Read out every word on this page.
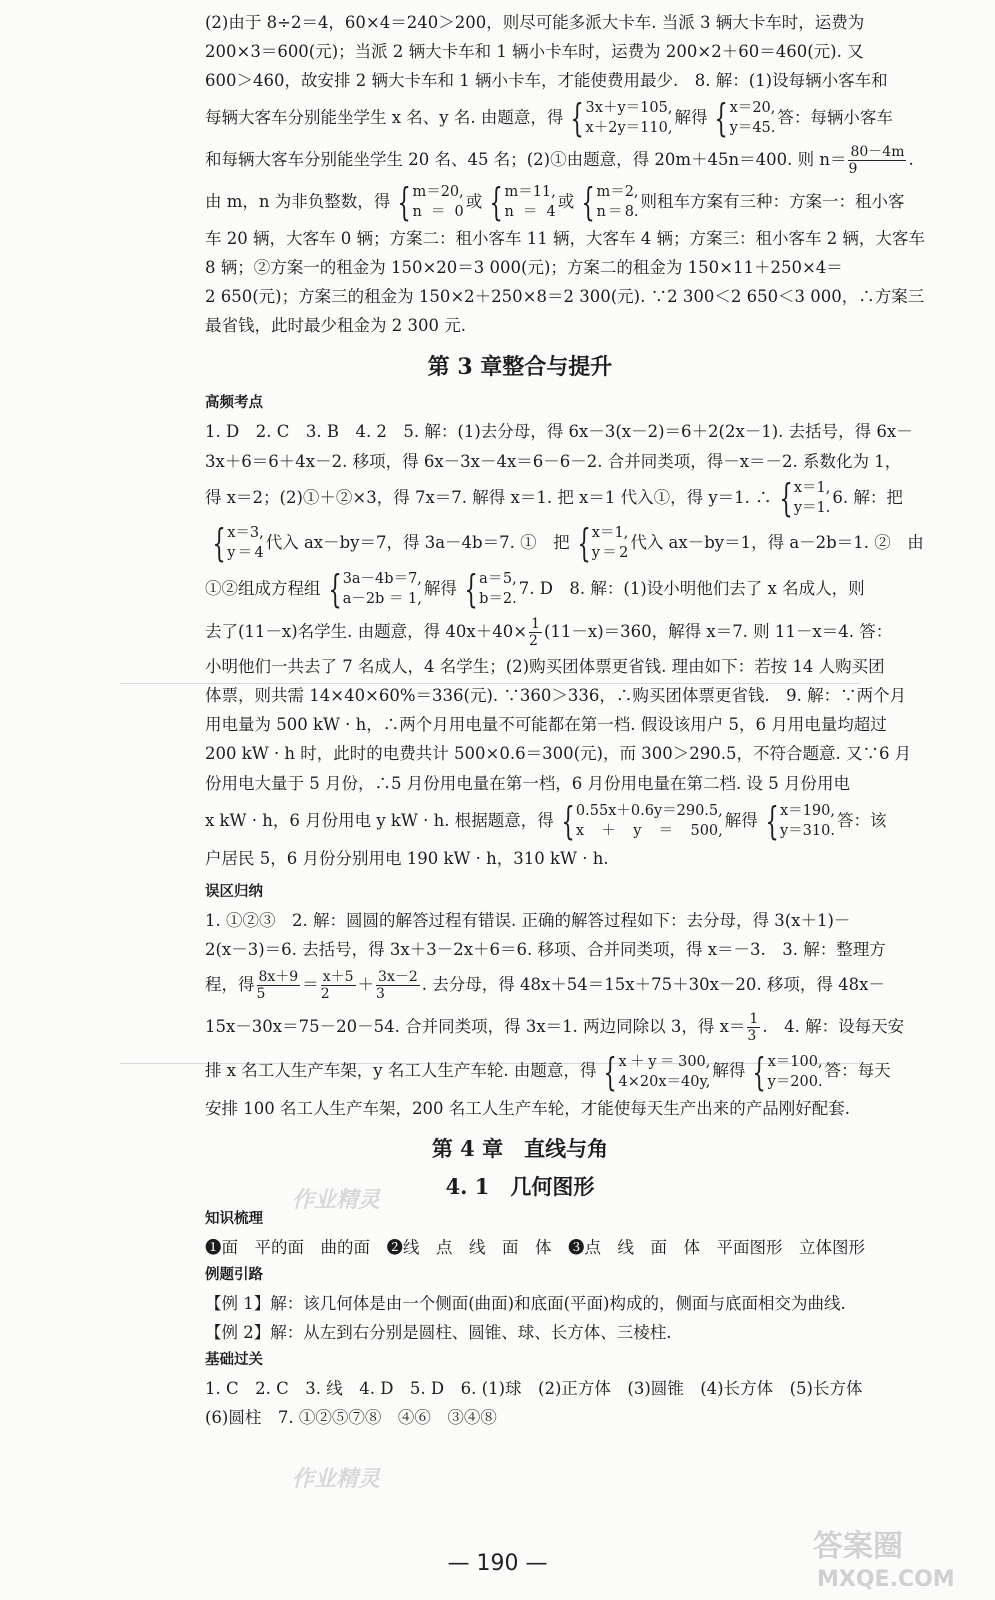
(2)由于 8÷2＝4，60×4＝240＞200，则尽可能多派大卡车. 当派 3 辆大卡车时，运费为
200×3＝600(元)；当派 2 辆大卡车和 1 辆小卡车时，运费为 200×2＋60＝460(元). 又
600＞460，故安排 2 辆大卡车和 1 辆小卡车，才能使费用最少.　8. 解：(1)设每辆小客车和
每辆大客车分别能坐学生 x 名、y 名. 由题意，得 { 3x＋y＝105,
x＋2y＝110,
解得 { x＝20,
y＝45.
答：每辆小客车
和每辆大客车分别能坐学生 20 名、45 名；(2)①由题意，得 20m＋45n＝400. 则 $n= \frac{80-4m}{9}$ .
由 m，n 为非负整数，得 { m＝20,
n＝0
或 { m＝11,
n＝4
或 { m＝2,
n＝8.
则租车方案有三种：方案一：租小客
车 20 辆，大客车 0 辆；方案二：租小客车 11 辆，大客车 4 辆；方案三：租小客车 2 辆，大客车
8 辆；②方案一的租金为 150×20＝3 000(元)；方案二的租金为 150×11＋250×4＝
2 650(元)；方案三的租金为 150×2＋250×8＝2 300(元). ∵2 300＜2 650＜3 000，∴方案三
最省钱，此时最少租金为 2 300 元.
第 3 章整合与提升
高频考点
1. D　2. C　3. B　4. 2　5. 解：(1)去分母，得 6x－3(x－2)＝6＋2(2x－1). 去括号，得 6x－
3x＋6＝6＋4x－2. 移项，得 6x－3x－4x＝6－6－2. 合并同类项，得－x＝－2. 系数化为 1，
得 x＝2；(2)①＋②×3，得 7x＝7. 解得 x＝1. 把 x＝1 代入①，得 y＝1. ∴ { x＝1,
y＝1.
6. 解：把
{ x＝3,
y＝4
代入 ax－by＝7，得 3a－4b＝7. ①　把 { x＝1,
y＝2
代入 ax－by＝1，得 a－2b＝1. ②　由
①②组成方程组 { 3a－4b＝7,
a－2b＝1,
解得 { a＝5,
b＝2.
7. D　8. 解：(1)设小明他们去了 x 名成人，则
去了(11－x)名学生. 由题意，得 $40x+40\times \frac{1}{2} (11-x)=360$，解得 x＝7. 则 11－x＝4. 答：
小明他们一共去了 7 名成人，4 名学生；(2)购买团体票更省钱. 理由如下：若按 14 人购买团
体票，则共需 14×40×60%＝336(元). ∵360＞336，∴购买团体票更省钱.　9. 解：∵两个月
用电量为 500 kW · h，∴两个月用电量不可能都在第一档. 假设该用户 5，6 月用电量均超过
200 kW · h 时，此时的电费共计 500×0.6＝300(元)，而 300＞290.5，不符合题意. 又∵6 月
份用电大量于 5 月份，∴5 月份用电量在第一档，6 月份用电量在第二档. 设 5 月份用电
x kW · h，6 月份用电 y kW · h. 根据题意，得 { 0.55x＋0.6y＝290.5,
x＋y＝500,
解得 { x＝190,
y＝310.
答：该
户居民 5，6 月份分别用电 190 kW · h，310 kW · h.
误区归纳
1. ①②③　2. 解：圆圆的解答过程有错误. 正确的解答过程如下：去分母，得 3(x＋1)－
2(x－3)＝6. 去括号，得 3x＋3－2x＋6＝6. 移项、合并同类项，得 x＝－3.　3. 解：整理方
程，得 $\frac{8x+9}{5} = \frac{x+5}{2} + \frac{3x-2}{3}$ . 去分母，得 48x＋54＝15x＋75＋30x－20. 移项，得 48x－
15x－30x＝75－20－54. 合并同类项，得 3x＝1. 两边同除以 3，得 $x= \frac{1}{3}$ .　4. 解：设每天安
排 x 名工人生产车架，y 名工人生产车轮. 由题意，得 { x＋y＝300,
4×20x＝40y,
解得 { x＝100,
y＝200.
答：每天
安排 100 名工人生产车架，200 名工人生产车轮，才能使每天生产出来的产品刚好配套.
第 4 章　直线与角
4. 1　几何图形
知识梳理
❶面　平的面　曲的面　❷线　点　线　面　体　❸点　线　面　体　平面图形　立体图形
例题引路
【例 1】解：该几何体是由一个侧面(曲面)和底面(平面)构成的，侧面与底面相交为曲线.
【例 2】解：从左到右分别是圆柱、圆锥、球、长方体、三棱柱.
基础过关
1. C　2. C　3. 线　4. D　5. D　6. (1)球　(2)正方体　(3)圆锥　(4)长方体　(5)长方体
(6)圆柱　7. ①②⑤⑦⑧　④⑥　③④⑧
作业精灵
作业精灵
— 190 —	答案圈
MXQE.COM
